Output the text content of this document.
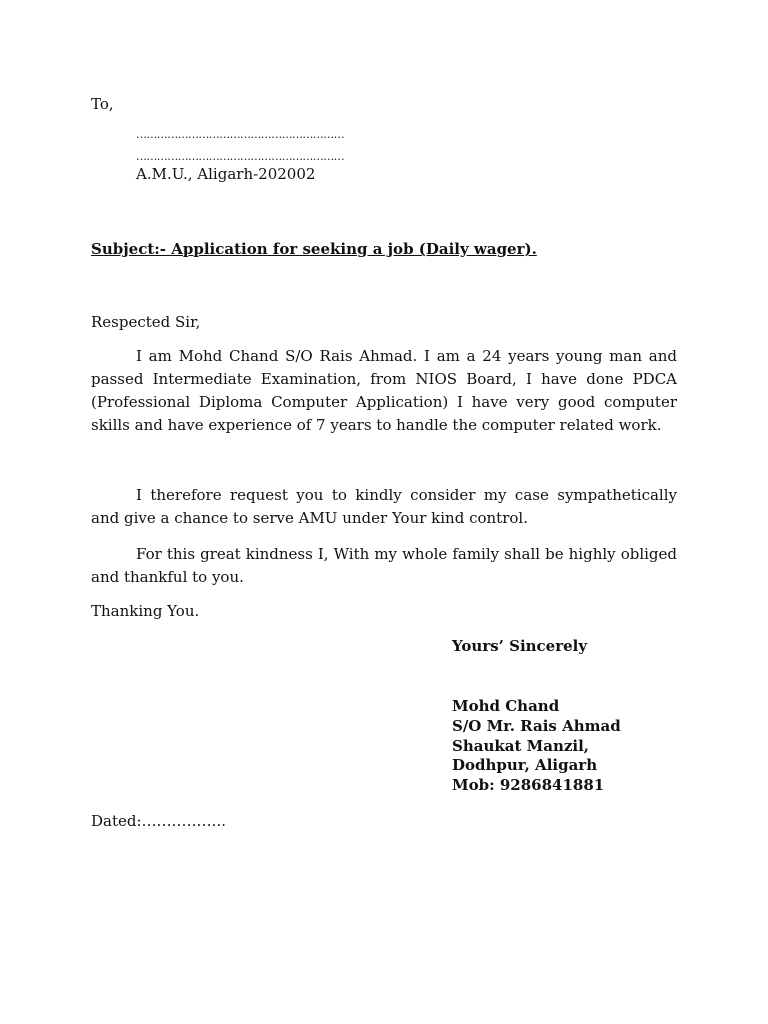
To,
……………………………………………………
……………………………………………………
A.M.U., Aligarh-202002
Subject:- Application for seeking a job (Daily wager).
Respected Sir,
I am Mohd Chand S/O Rais Ahmad. I am a 24 years young man and passed Intermediate Examination, from NIOS Board, I have done PDCA (Professional Diploma Computer Application) I have very good computer skills and have experience of 7 years to handle the computer related work.
I therefore request you to kindly consider my case sympathetically and give a chance to serve AMU under Your kind control.
For this great kindness I, With my whole family shall be highly obliged and thankful to you.
Thanking You.
Yours’ Sincerely
Mohd Chand
S/O Mr. Rais Ahmad
Shaukat Manzil,
Dodhpur, Aligarh
Mob: 9286841881
Dated:……………..
